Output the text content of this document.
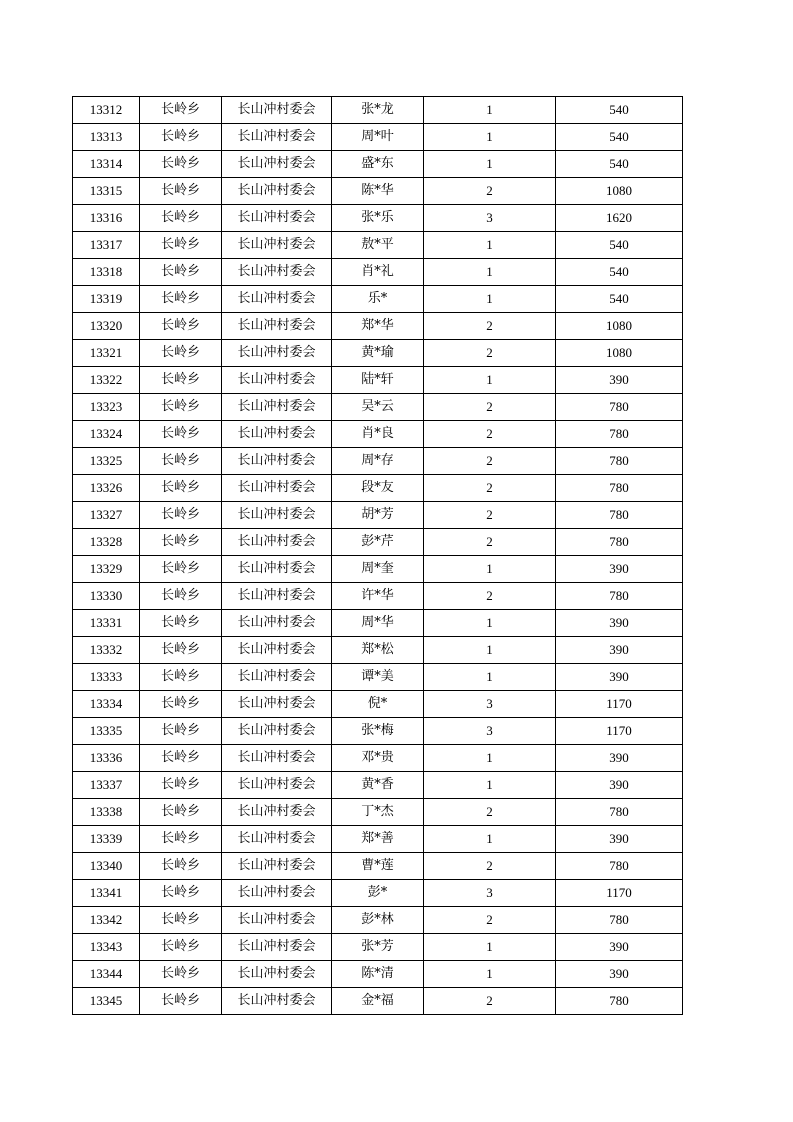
13312	长岭乡	长山冲村委会	张*龙	1	540
13313	长岭乡	长山冲村委会	周*叶	1	540
13314	长岭乡	长山冲村委会	盛*东	1	540
13315	长岭乡	长山冲村委会	陈*华	2	1080
13316	长岭乡	长山冲村委会	张*乐	3	1620
13317	长岭乡	长山冲村委会	敖*平	1	540
13318	长岭乡	长山冲村委会	肖*礼	1	540
13319	长岭乡	长山冲村委会	乐*	1	540
13320	长岭乡	长山冲村委会	郑*华	2	1080
13321	长岭乡	长山冲村委会	黄*瑜	2	1080
13322	长岭乡	长山冲村委会	陆*轩	1	390
13323	长岭乡	长山冲村委会	吴*云	2	780
13324	长岭乡	长山冲村委会	肖*良	2	780
13325	长岭乡	长山冲村委会	周*存	2	780
13326	长岭乡	长山冲村委会	段*友	2	780
13327	长岭乡	长山冲村委会	胡*芳	2	780
13328	长岭乡	长山冲村委会	彭*芹	2	780
13329	长岭乡	长山冲村委会	周*奎	1	390
13330	长岭乡	长山冲村委会	许*华	2	780
13331	长岭乡	长山冲村委会	周*华	1	390
13332	长岭乡	长山冲村委会	郑*松	1	390
13333	长岭乡	长山冲村委会	谭*美	1	390
13334	长岭乡	长山冲村委会	倪*	3	1170
13335	长岭乡	长山冲村委会	张*梅	3	1170
13336	长岭乡	长山冲村委会	邓*贵	1	390
13337	长岭乡	长山冲村委会	黄*香	1	390
13338	长岭乡	长山冲村委会	丁*杰	2	780
13339	长岭乡	长山冲村委会	郑*善	1	390
13340	长岭乡	长山冲村委会	曹*莲	2	780
13341	长岭乡	长山冲村委会	彭*	3	1170
13342	长岭乡	长山冲村委会	彭*林	2	780
13343	长岭乡	长山冲村委会	张*芳	1	390
13344	长岭乡	长山冲村委会	陈*清	1	390
13345	长岭乡	长山冲村委会	金*福	2	780
